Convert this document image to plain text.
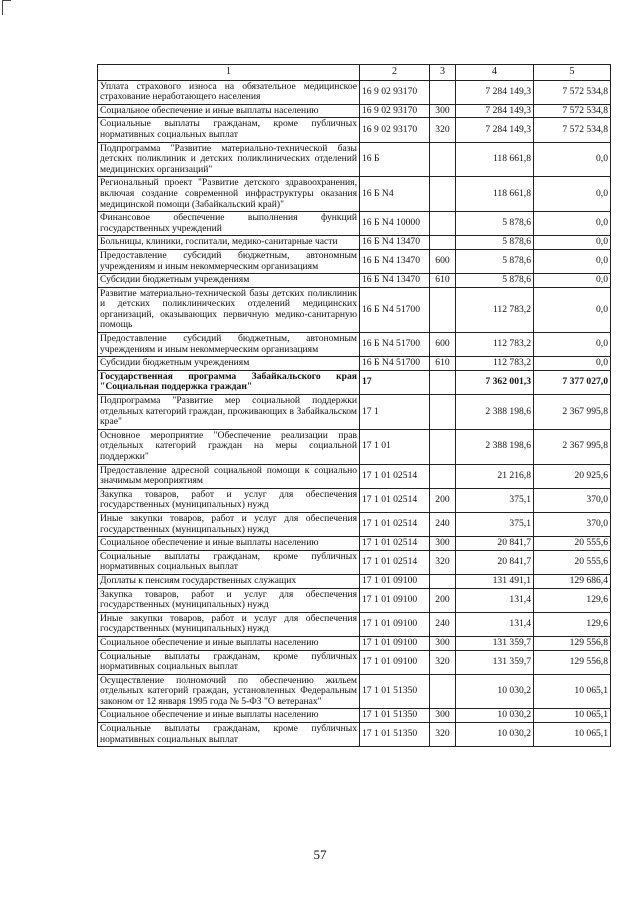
1	2	3	4	5
Уплата страхового износа на обязательное медицинское страхование неработающего населения	16 9 02 93170		7 284 149,3	7 572 534,8
Социальное обеспечение и иные выплаты населению	16 9 02 93170	300	7 284 149,3	7 572 534,8
Социальные выплаты гражданам, кроме публичных нормативных социальных выплат	16 9 02 93170	320	7 284 149,3	7 572 534,8
Подпрограмма "Развитие материально-технической базы детских поликлиник и детских поликлинических отделений медицинских организаций"	16 Б		118 661,8	0,0
Региональный проект "Развитие детского здравоохранения, включая создание современной инфраструктуры оказания медицинской помощи (Забайкальский край)"	16 Б N4		118 661,8	0,0
Финансовое обеспечение выполнения функций государственных учреждений	16 Б N4 10000		5 878,6	0,0
Больницы, клиники, госпитали, медико-санитарные части	16 Б N4 13470		5 878,6	0,0
Предоставление субсидий бюджетным, автономным учреждениям и иным некоммерческим организациям	16 Б N4 13470	600	5 878,6	0,0
Субсидии бюджетным учреждениям	16 Б N4 13470	610	5 878,6	0,0
Развитие материально-технической базы детских поликлиник и детских поликлинических отделений медицинских организаций, оказывающих первичную медико-санитарную помощь	16 Б N4 51700		112 783,2	0,0
Предоставление субсидий бюджетным, автономным учреждениям и иным некоммерческим организациям	16 Б N4 51700	600	112 783,2	0,0
Субсидии бюджетным учреждениям	16 Б N4 51700	610	112 783,2	0,0
Государственная программа Забайкальского края "Социальная поддержка граждан"	17		7 362 001,3	7 377 027,0
Подпрограмма "Развитие мер социальной поддержки отдельных категорий граждан, проживающих в Забайкальском крае"	17 1		2 388 198,6	2 367 995,8
Основное мероприятие "Обеспечение реализации прав отдельных категорий граждан на меры социальной поддержки"	17 1 01		2 388 198,6	2 367 995,8
Предоставление адресной социальной помощи к социально значимым мероприятиям	17 1 01 02514		21 216,8	20 925,6
Закупка товаров, работ и услуг для обеспечения государственных (муниципальных) нужд	17 1 01 02514	200	375,1	370,0
Иные закупки товаров, работ и услуг для обеспечения государственных (муниципальных) нужд	17 1 01 02514	240	375,1	370,0
Социальное обеспечение и иные выплаты населению	17 1 01 02514	300	20 841,7	20 555,6
Социальные выплаты гражданам, кроме публичных нормативных социальных выплат	17 1 01 02514	320	20 841,7	20 555,6
Доплаты к пенсиям государственных служащих	17 1 01 09100		131 491,1	129 686,4
Закупка товаров, работ и услуг для обеспечения государственных (муниципальных) нужд	17 1 01 09100	200	131,4	129,6
Иные закупки товаров, работ и услуг для обеспечения государственных (муниципальных) нужд	17 1 01 09100	240	131,4	129,6
Социальное обеспечение и иные выплаты населению	17 1 01 09100	300	131 359,7	129 556,8
Социальные выплаты гражданам, кроме публичных нормативных социальных выплат	17 1 01 09100	320	131 359,7	129 556,8
Осуществление полномочий по обеспечению жильем отдельных категорий граждан, установленных Федеральным законом от 12 января 1995 года № 5-ФЗ "О ветеранах"	17 1 01 51350		10 030,2	10 065,1
Социальное обеспечение и иные выплаты населению	17 1 01 51350	300	10 030,2	10 065,1
Социальные выплаты гражданам, кроме публичных нормативных социальных выплат	17 1 01 51350	320	10 030,2	10 065,1
57
